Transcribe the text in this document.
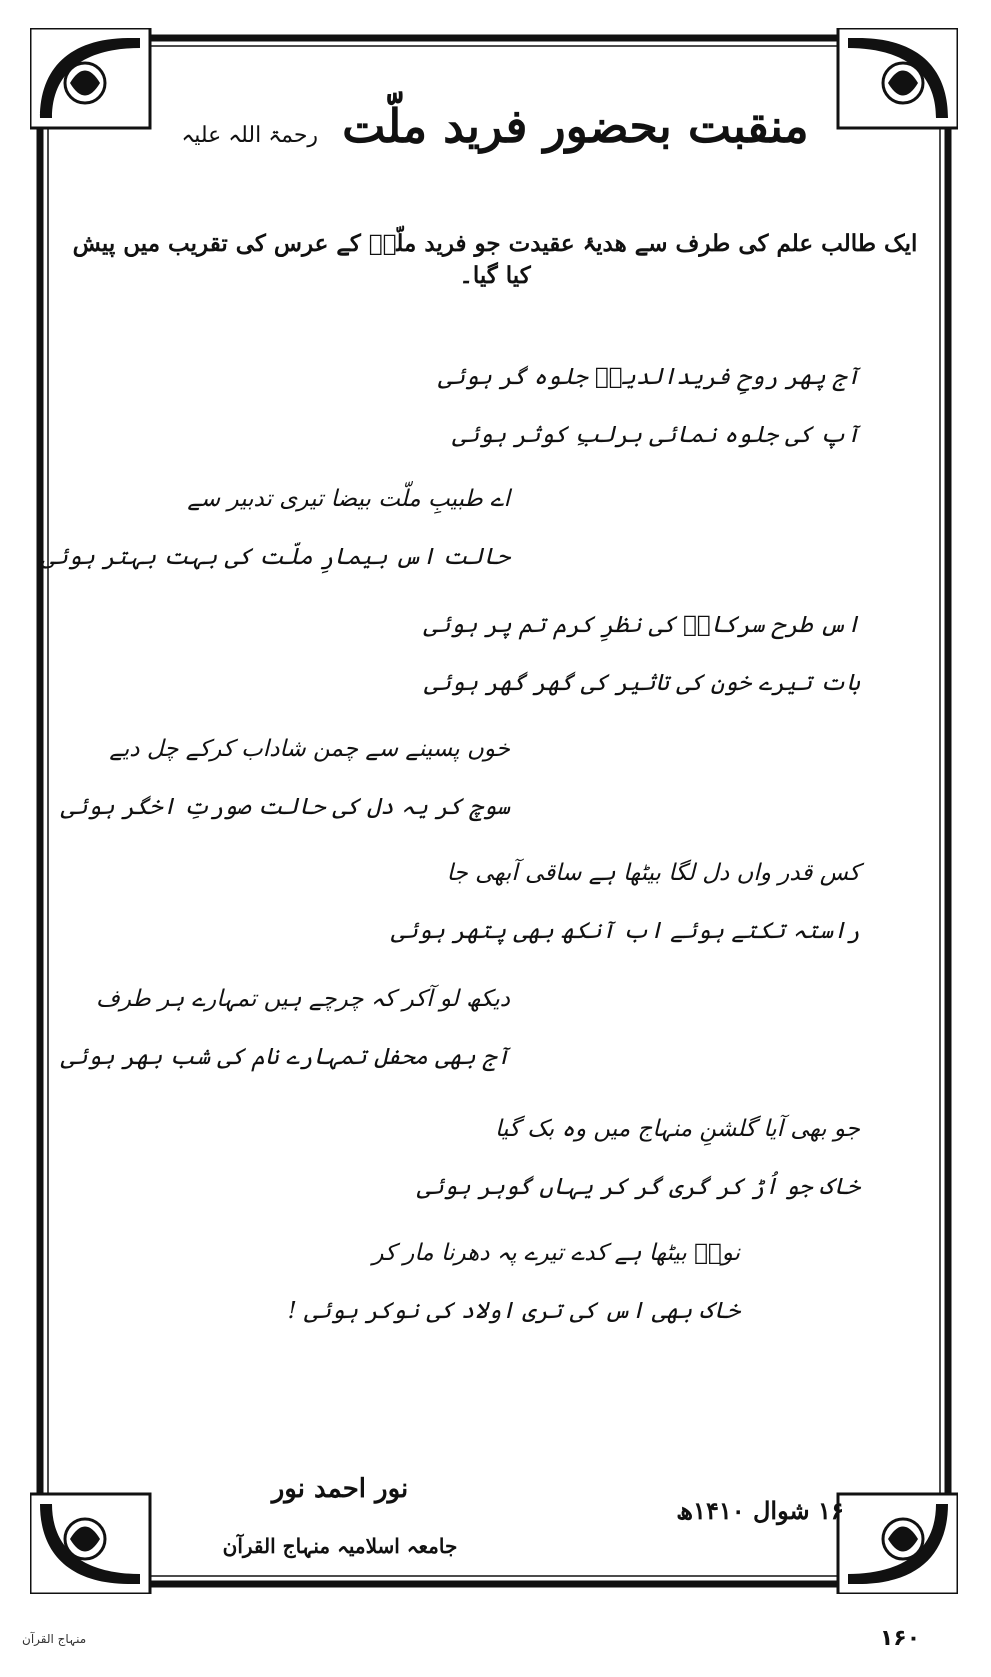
منقبت بحضور فرید ملّت رحمۃ اللہ علیہ
ایک طالب علم کی طرف سے ھدیۂ عقیدت جو فرید ملّتؒ کے عرس کی تقریب میں پیش کیا گیا۔
آج پھر روحِ فریدالدینؒ جلوہ گر ہوئی
آپ کی جلوہ نمائی برلبِ کوثر ہوئی
اے طبیبِ ملّت بیضا تیری تدبیر سے
حالت اس بیمارِ ملّت کی بہت بہتر ہوئی
اس طرح سرکارؐ کی نظرِ کرم تم پر ہوئی
بات تیرے خون کی تاثیر کی گھر گھر ہوئی
خوں پسینے سے چمن شاداب کرکے چل دیے
سوچ کر یہ دل کی حالت صورتِ اخگر ہوئی
کس قدر واں دل لگا بیٹھا ہے ساقی آبھی جا
راستہ تکتے ہوئے اب آنکھ بھی پتھر ہوئی
دیکھ لو آکر کہ چرچے ہیں تمہارے ہر طرف
آج بھی محفل تمہارے نام کی شب بھر ہوئی
جو بھی آیا گلشنِ منہاج میں وہ بک گیا
خاک جو اُڑ کر گری گر کر یہاں گوہر ہوئی
نورؔ بیٹھا ہے کدے تیرے پہ دھرنا مار کر
خاک بھی اس کی تری اولاد کی نوکر ہوئی !
نور احمد نور
جامعہ اسلامیہ منہاج القرآن
۱۶ شوال ۱۴۱۰ھ
منہاج القرآن	۱۶۰
